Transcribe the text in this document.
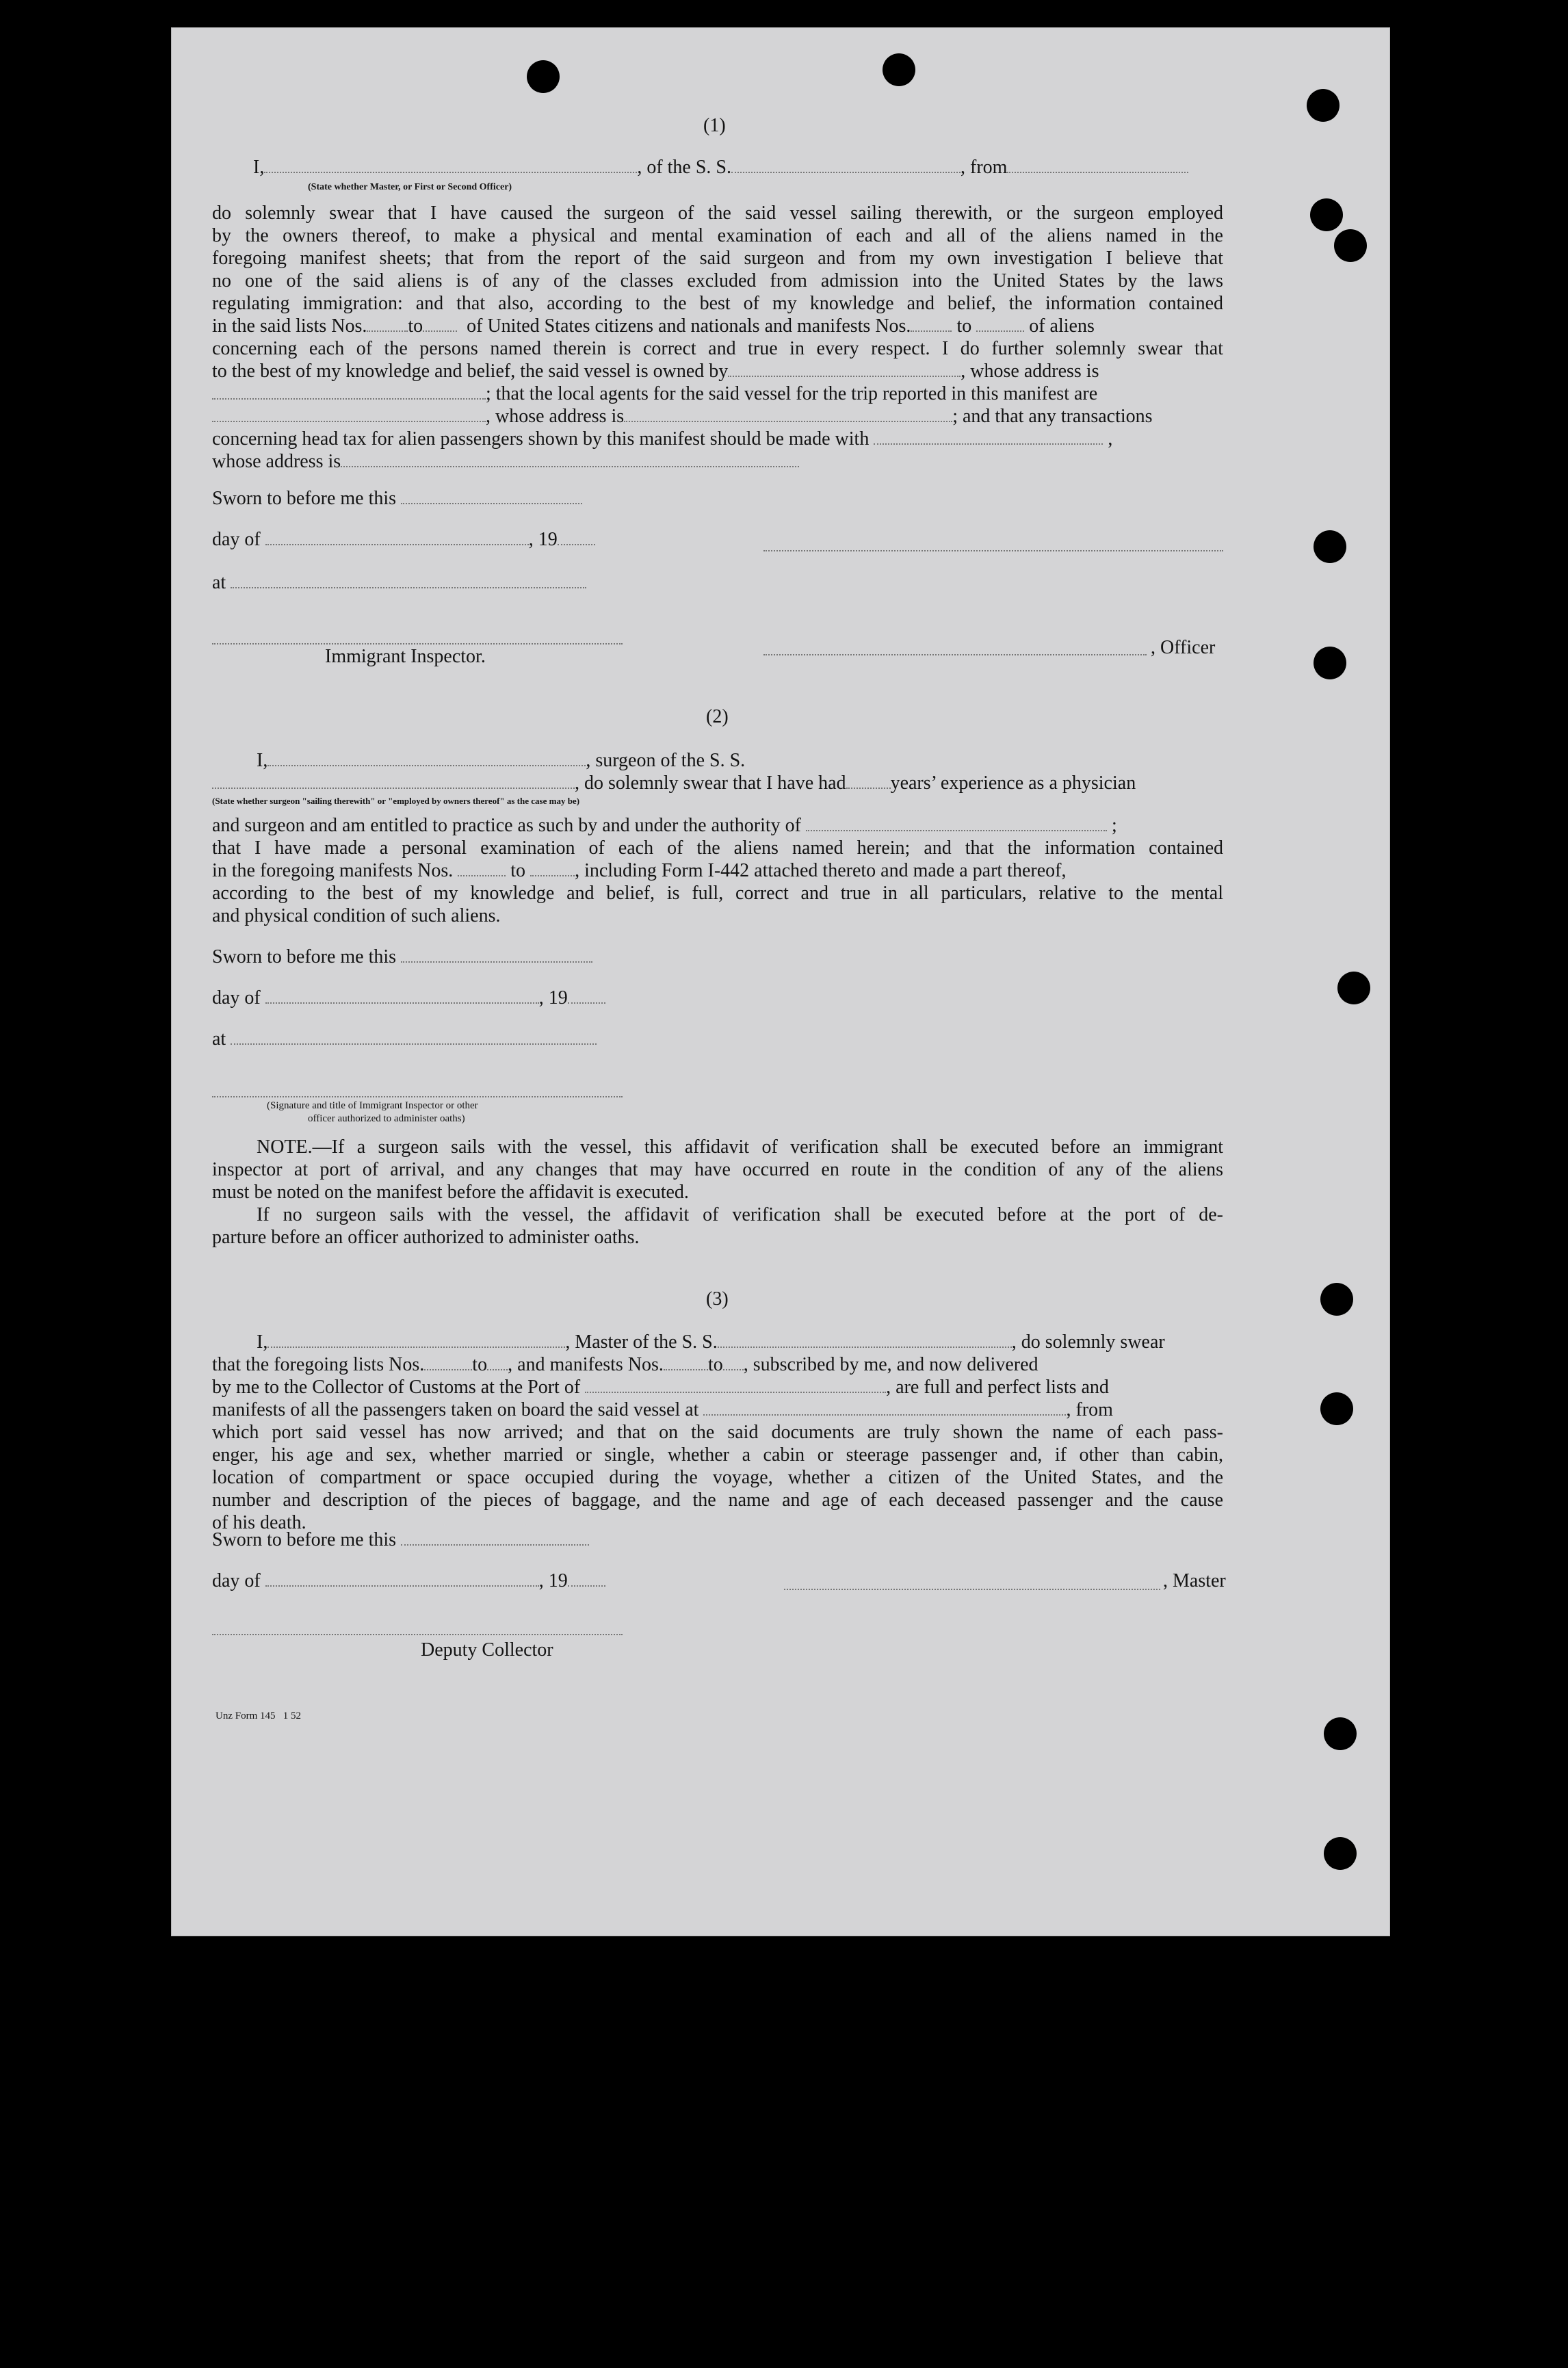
(1)
I,	, of the S. S.	, from
(State whether Master, or First or Second Officer)
do solemnly swear that I have caused the surgeon of the said vessel sailing therewith, or the surgeon employed
by the owners thereof, to make a physical and mental examination of each and all of the aliens named in the
foregoing manifest sheets; that from the report of the said surgeon and from my own investigation I believe that
no one of the said aliens is of any of the classes excluded from admission into the United States by the laws
regulating immigration: and that also, according to the best of my knowledge and belief, the information contained
in the said lists Nos. to of United States citizens and nationals and manifests Nos. to	of aliens
concerning each of the persons named therein is correct and true in every respect. I do further solemnly swear that
to the best of my knowledge and belief, the said vessel is owned by	, whose address is
; that the local agents for the said vessel for the trip reported in this manifest are
, whose address is	; and that any transactions
concerning head tax for alien passengers shown by this manifest should be made with	,
whose address is
Sworn to before me this
day of	, 19
at
Immigrant Inspector.	, Officer
(2)
I,	, surgeon of the S. S.
, do solemnly swear that I have had years’ experience as a physician
(State whether surgeon "sailing therewith" or "employed by owners thereof" as the case may be)
and surgeon and am entitled to practice as such by and under the authority of	;
that I have made a personal examination of each of the aliens named herein; and that the information contained
in the foregoing manifests Nos.	to	, including Form I-442 attached thereto and made a part thereof,
according to the best of my knowledge and belief, is full, correct and true in all particulars, relative to the mental
and physical condition of such aliens.
Sworn to before me this
day of	, 19
at
(Signature and title of Immigrant Inspector or other
officer authorized to administer oaths)
NOTE.—If a surgeon sails with the vessel, this affidavit of verification shall be executed before an immigrant
inspector at port of arrival, and any changes that may have occurred en route in the condition of any of the aliens
must be noted on the manifest before the affidavit is executed.
If no surgeon sails with the vessel, the affidavit of verification shall be executed before at the port of de-
parture before an officer authorized to administer oaths.
(3)
I,	, Master of the S. S.	, do solemnly swear
that the foregoing lists Nos.	to , and manifests Nos. to , subscribed by me, and now delivered
by me to the Collector of Customs at the Port of	, are full and perfect lists and
manifests of all the passengers taken on board the said vessel at	, from
which port said vessel has now arrived; and that on the said documents are truly shown the name of each pass-
enger, his age and sex, whether married or single, whether a cabin or steerage passenger and, if other than cabin,
location of compartment or space occupied during the voyage, whether a citizen of the United States, and the
number and description of the pieces of baggage, and the name and age of each deceased passenger and the cause
of his death.
Sworn to before me this
day of	, 19	, Master
Deputy Collector
Unz Form 145   1 52
